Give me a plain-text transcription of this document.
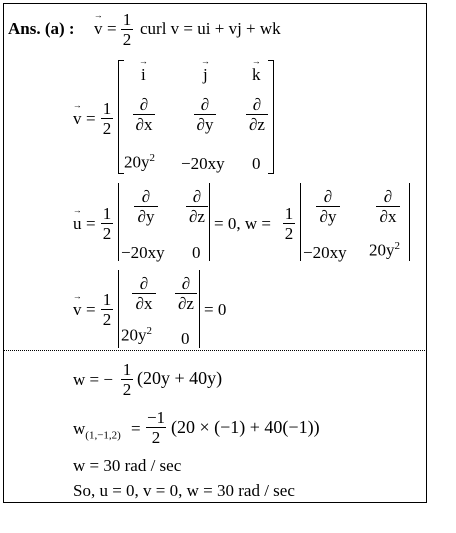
Ans. (a) : → v = 1
2
curl v = ui + vj + wk
→ v =
1
2
→ i	→ j	→ k
∂
∂x
∂
∂y
∂
∂z
$20y^2 -20xy$ 0
→ u =
1
2
∂
∂y
∂
∂z
−20xy 0
= 0, w =
1
2
∂
∂y
∂
∂x
−20xy $20y^2$
→ v =
1
2
∂
∂x
∂
∂z
$20y^2$ 0
= 0
w = −
1
2
(20y + 40y)
$w_{(1,-1,2)}$ =
−1
2
(20 × (−1) + 40(−1))
w = 30 rad / sec
So, u = 0, v = 0, w = 30 rad / sec
